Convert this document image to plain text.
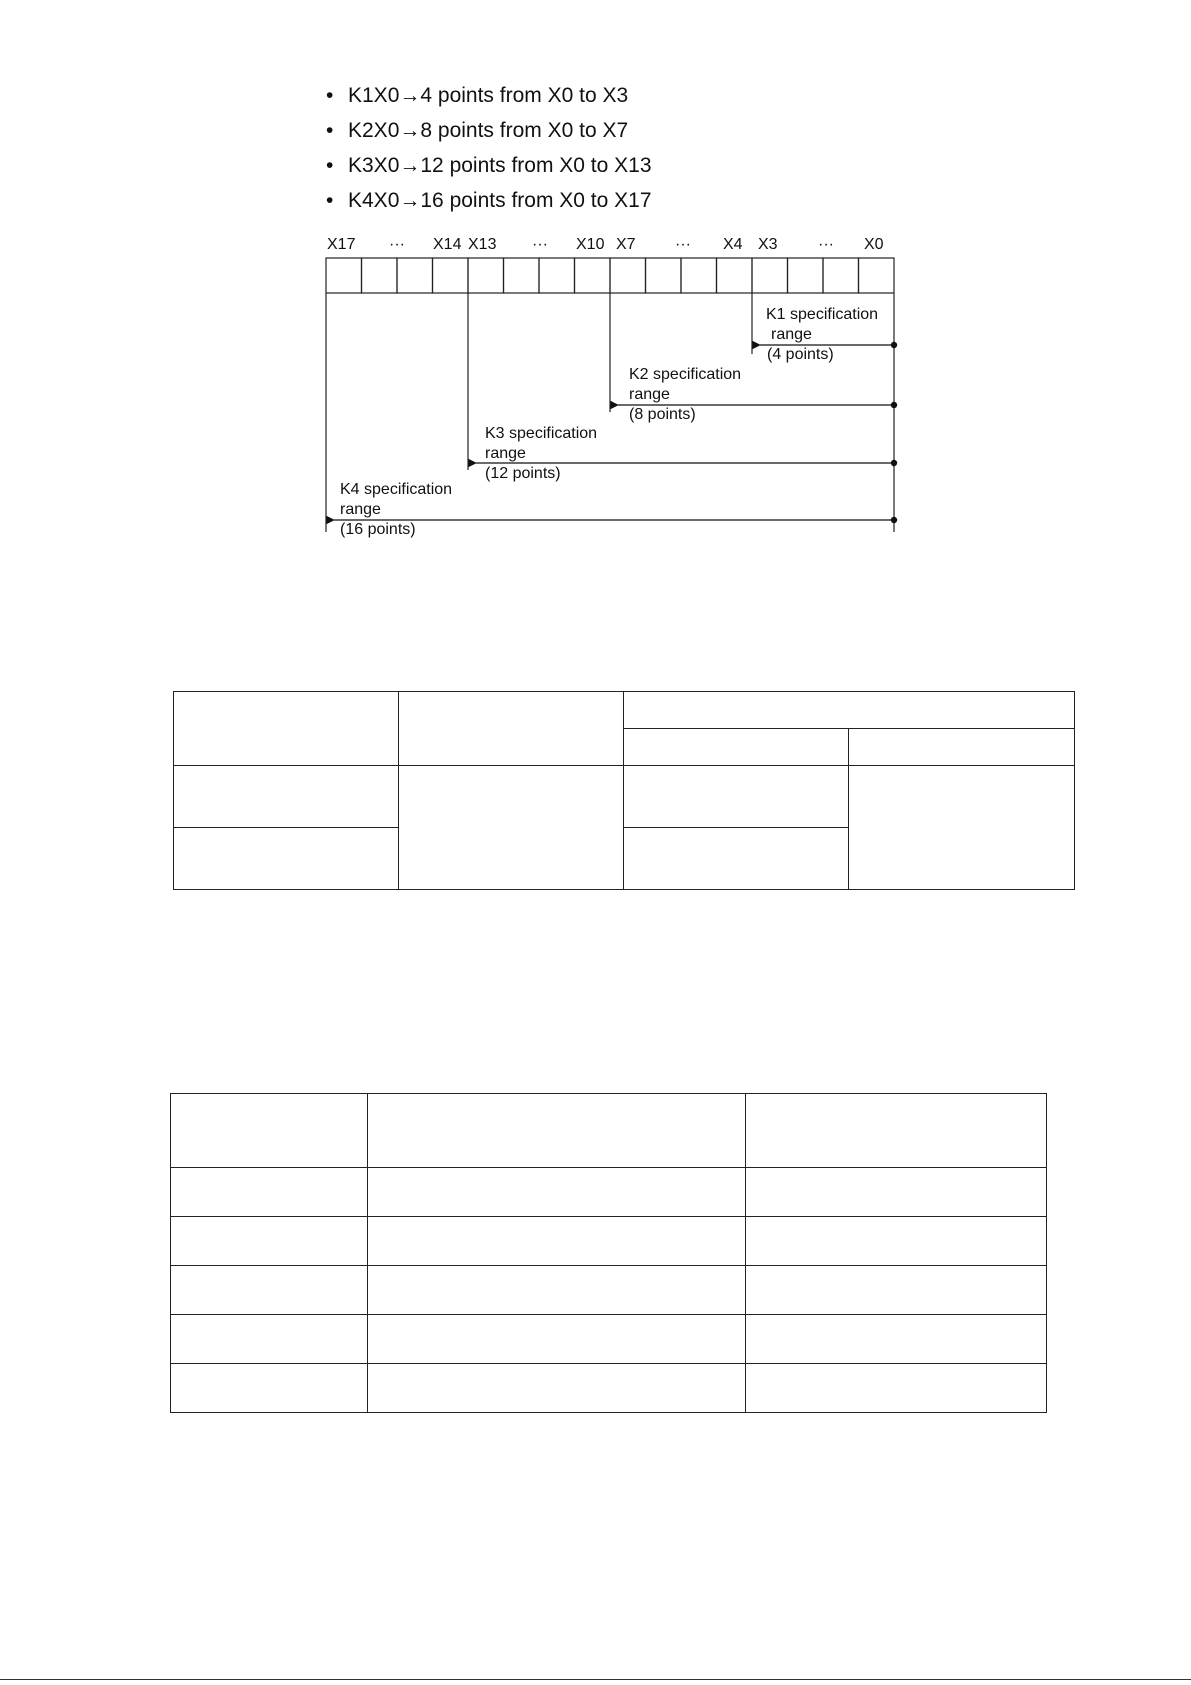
• K1X0→4 points from X0 to X3
• K2X0→8 points from X0 to X7
• K3X0→12 points from X0 to X13
• K4X0→16 points from X0 to X17
X17 ··· X14 X13 ··· X10 X7 ··· X4 X3	··· X0
K1 specification range (4 points)
K2 specification range (8 points)
K3 specification range (12 points)
K4 specification range (16 points)
